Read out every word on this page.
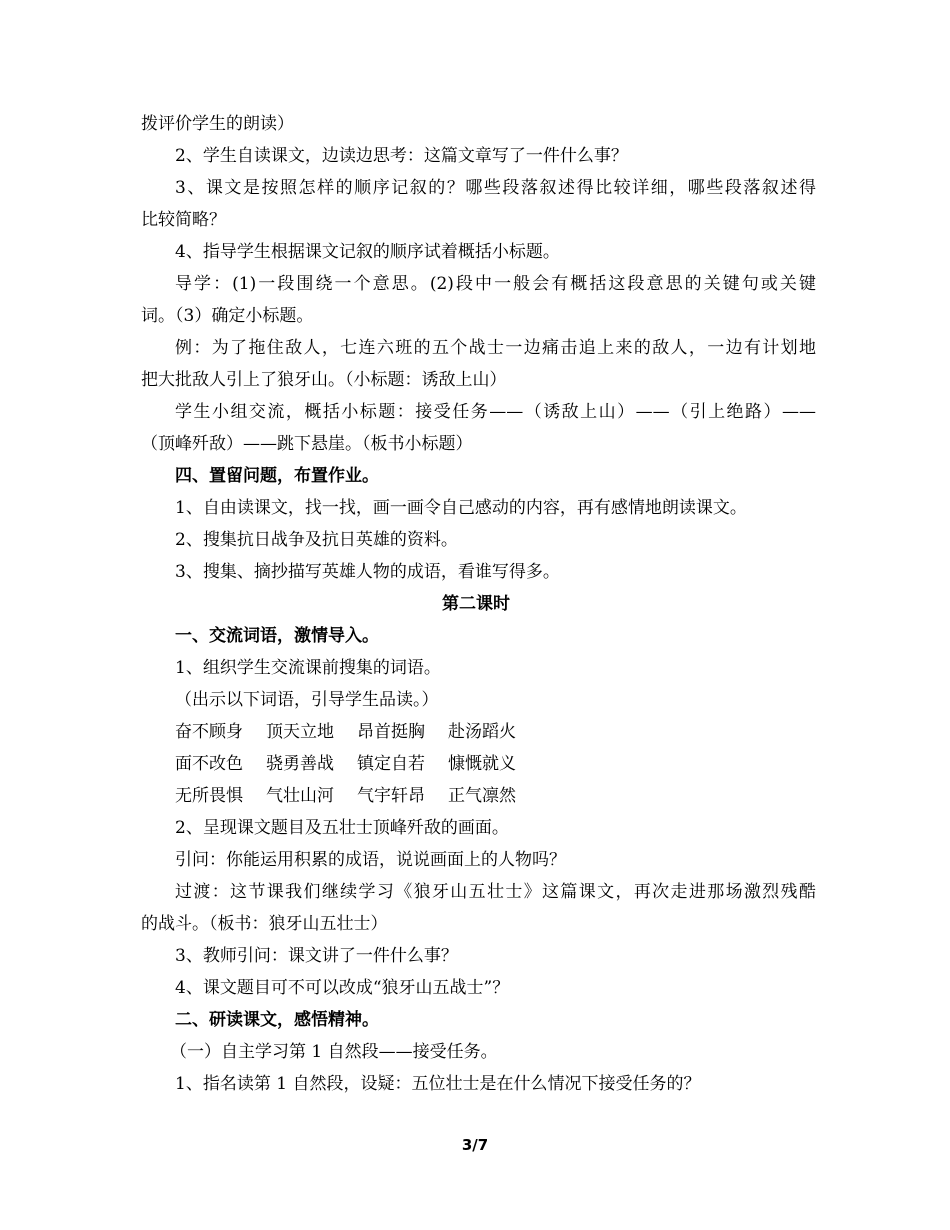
拨评价学生的朗读）
2、学生自读课文，边读边思考：这篇文章写了一件什么事？
3、课文是按照怎样的顺序记叙的？哪些段落叙述得比较详细，哪些段落叙述得
比较简略？
4、指导学生根据课文记叙的顺序试着概括小标题。
导学：(1)一段围绕一个意思。(2)段中一般会有概括这段意思的关键句或关键
词。（3）确定小标题。
例：为了拖住敌人，七连六班的五个战士一边痛击追上来的敌人，一边有计划地
把大批敌人引上了狼牙山。（小标题：诱敌上山）
学生小组交流，概括小标题：接受任务——（诱敌上山）——（引上绝路）——
（顶峰歼敌）——跳下悬崖。（板书小标题）
四、置留问题，布置作业。
1、自由读课文，找一找，画一画令自己感动的内容，再有感情地朗读课文。
2、搜集抗日战争及抗日英雄的资料。
3、搜集、摘抄描写英雄人物的成语，看谁写得多。
第二课时
一、交流词语，激情导入。
1、组织学生交流课前搜集的词语。
（出示以下词语，引导学生品读。）
奋不顾身 顶天立地 昂首挺胸 赴汤蹈火
面不改色 骁勇善战 镇定自若 慷慨就义
无所畏惧 气壮山河 气宇轩昂 正气凛然
2、呈现课文题目及五壮士顶峰歼敌的画面。
引问：你能运用积累的成语，说说画面上的人物吗？
过渡：这节课我们继续学习《狼牙山五壮士》这篇课文，再次走进那场激烈残酷
的战斗。（板书：狼牙山五壮士）
3、教师引问：课文讲了一件什么事？
4、课文题目可不可以改成“狼牙山五战士”？
二、研读课文，感悟精神。
（一）自主学习第 1 自然段——接受任务。
1、指名读第 1 自然段，设疑：五位壮士是在什么情况下接受任务的？
3/7
